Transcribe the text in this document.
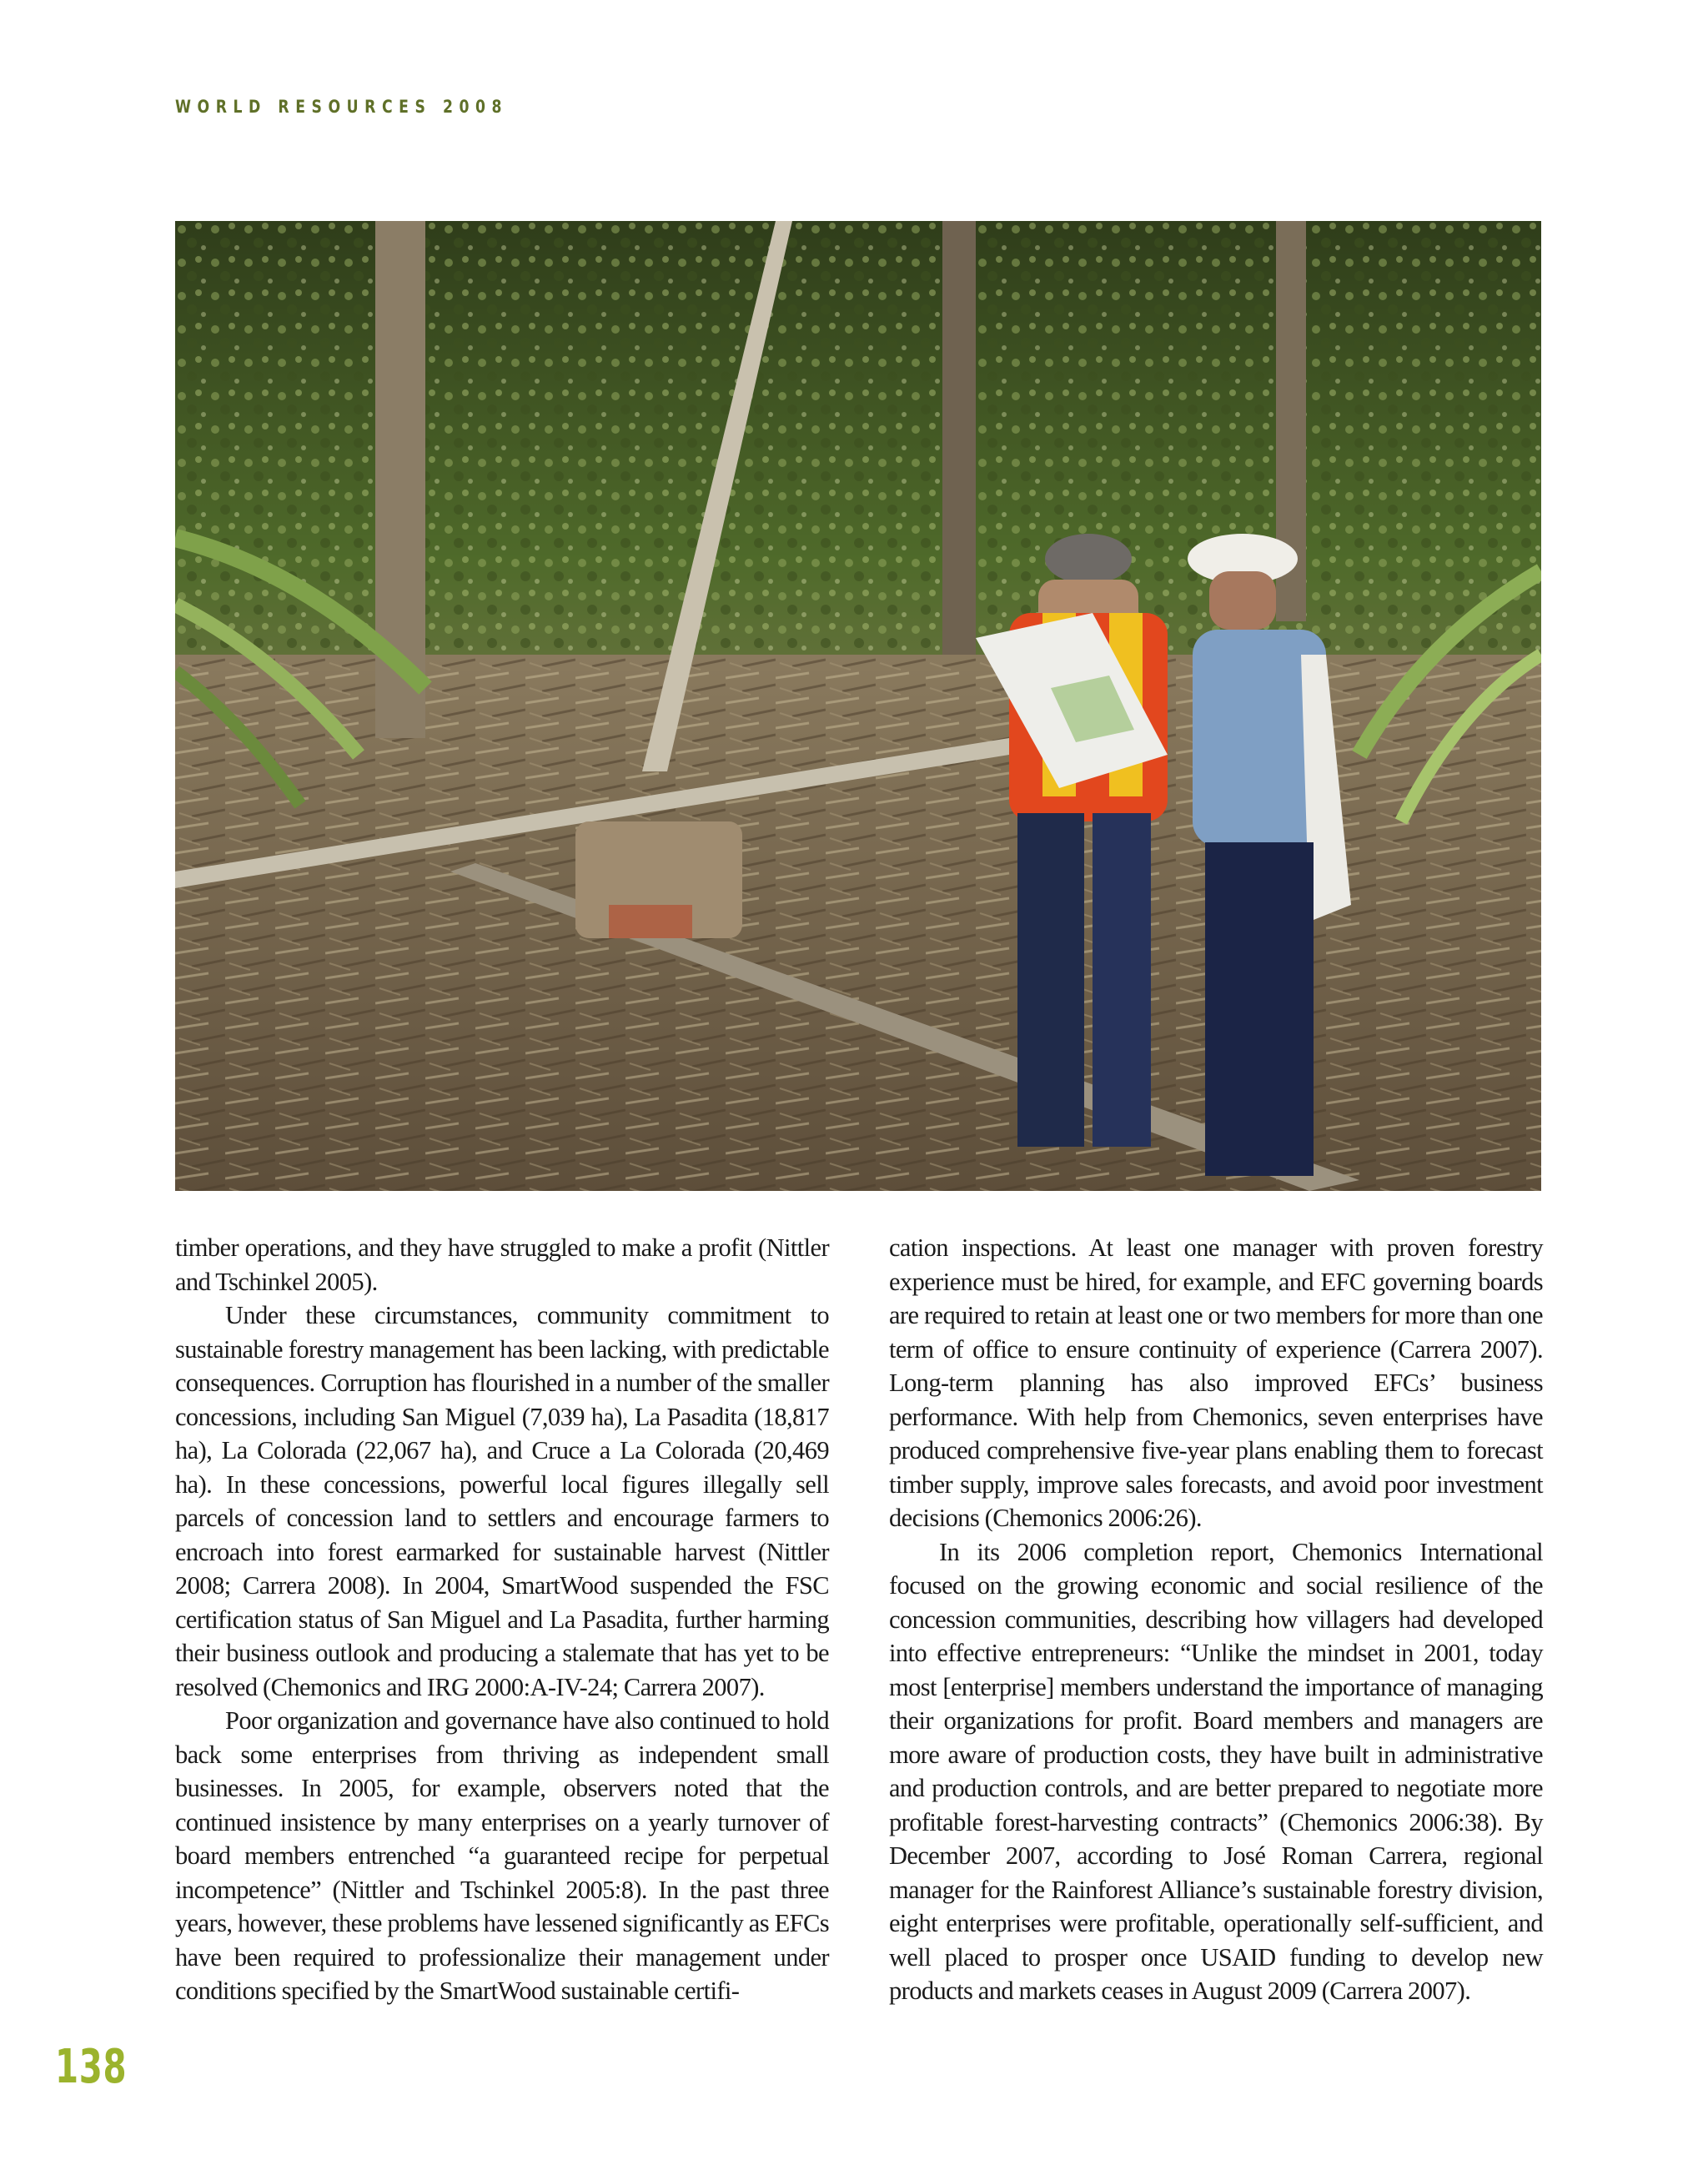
WORLD RESOURCES 2008

timber operations, and they have struggled to make a profit (Nittler and Tschinkel 2005).

Under these circumstances, community commitment to sustainable forestry management has been lacking, with predictable consequences. Corruption has flourished in a number of the smaller concessions, including San Miguel (7,039 ha), La Pasadita (18,817 ha), La Colorada (22,067 ha), and Cruce a La Colorada (20,469 ha). In these concessions, powerful local figures illegally sell parcels of concession land to settlers and encourage farmers to encroach into forest earmarked for sustainable harvest (Nittler 2008; Carrera 2008). In 2004, SmartWood suspended the FSC certification status of San Miguel and La Pasadita, further harming their business outlook and producing a stalemate that has yet to be resolved (Chemonics and IRG 2000:A-IV-24; Carrera 2007).

Poor organization and governance have also continued to hold back some enterprises from thriving as independent small businesses. In 2005, for example, observers noted that the continued insistence by many enterprises on a yearly turnover of board members entrenched “a guaranteed recipe for perpetual incompetence” (Nittler and Tschinkel 2005:8). In the past three years, however, these problems have lessened significantly as EFCs have been required to professionalize their management under conditions specified by the SmartWood sustainable certifi-

cation inspections. At least one manager with proven forestry experience must be hired, for example, and EFC governing boards are required to retain at least one or two members for more than one term of office to ensure continuity of experience (Carrera 2007). Long-term planning has also improved EFCs’ business performance. With help from Chemonics, seven enterprises have produced comprehensive five-year plans enabling them to forecast timber supply, improve sales forecasts, and avoid poor investment decisions (Chemonics 2006:26).

In its 2006 completion report, Chemonics International focused on the growing economic and social resilience of the concession communities, describing how villagers had developed into effective entrepreneurs: “Unlike the mindset in 2001, today most [enterprise] members understand the importance of managing their organizations for profit. Board members and managers are more aware of production costs, they have built in administrative and production controls, and are better prepared to negotiate more profitable forest-harvesting contracts” (Chemonics 2006:38). By December 2007, according to José Roman Carrera, regional manager for the Rainforest Alliance’s sustainable forestry division, eight enterprises were profitable, operationally self-sufficient, and well placed to prosper once USAID funding to develop new products and markets ceases in August 2009 (Carrera 2007).

138
